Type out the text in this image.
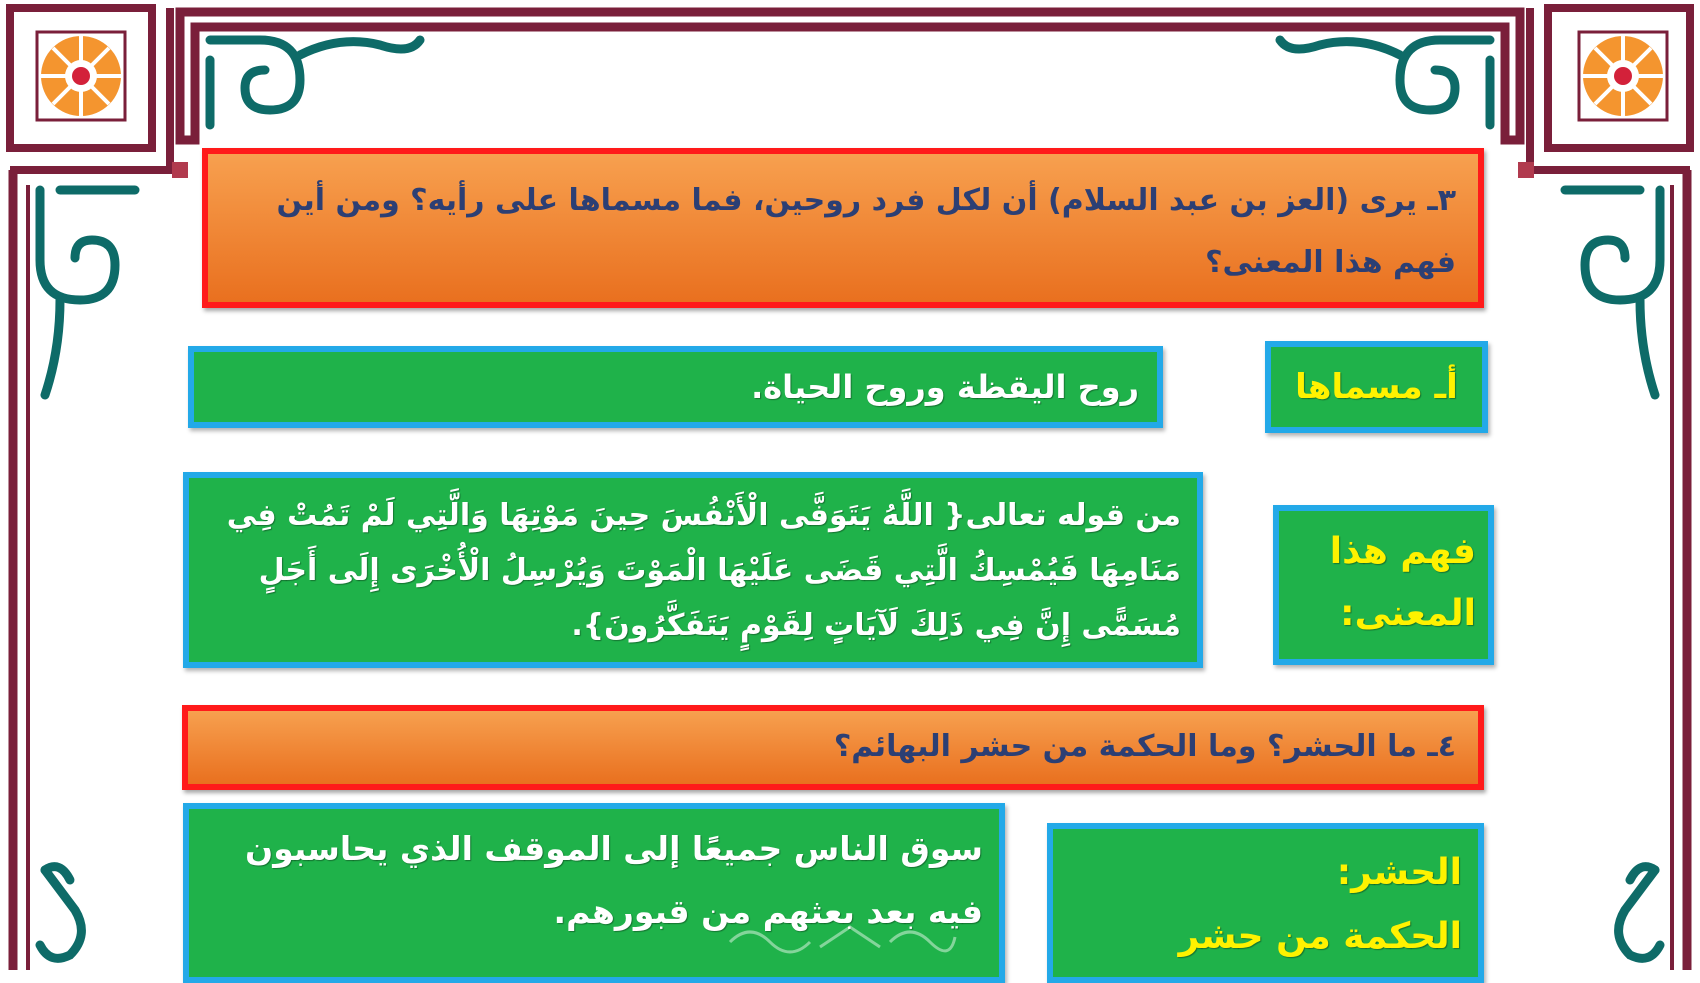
٣ـ يرى (العز بن عبد السلام) أن لكل فرد روحين، فما مسماها على رأيه؟ ومن أين فهم هذا المعنى؟
أـ مسماها
روح اليقظة وروح الحياة.
فهم هذا المعنى:
من قوله تعالى{ اللَّهُ يَتَوَفَّى الْأَنْفُسَ حِينَ مَوْتِهَا وَالَّتِي لَمْ تَمُتْ فِي مَنَامِهَا فَيُمْسِكُ الَّتِي قَضَى عَلَيْهَا الْمَوْتَ وَيُرْسِلُ الْأُخْرَى إِلَى أَجَلٍ مُسَمًّى إِنَّ فِي ذَلِكَ لَآيَاتٍ لِقَوْمٍ يَتَفَكَّرُونَ}.
٤ـ ما الحشر؟ وما الحكمة من حشر البهائم؟
سوق الناس جميعًا إلى الموقف الذي يحاسبون فيه بعد بعثهم من قبورهم.
الحشر:
الحكمة من حشر
